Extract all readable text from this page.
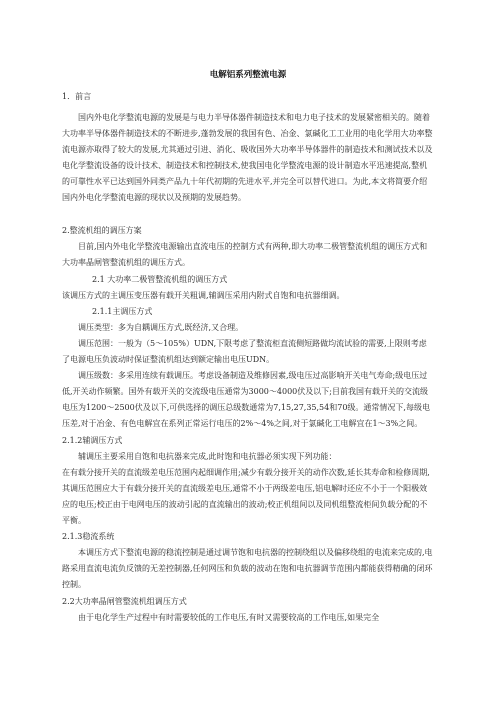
电解铝系列整流电源

1．前言

国内外电化学整流电源的发展是与电力半导体器件制造技术和电力电子技术的发展紧密相关的。随着大功率半导体器件制造技术的不断进步,蓬勃发展的我国有色、冶金、氯碱化工工业用的电化学用大功率整流电源亦取得了较大的发展,尤其通过引进、消化、吸收国外大功率半导体器件的制造技术和测试技术以及电化学整流设备的设计技术、制造技术和控制技术,使我国电化学整流电源的设计制造水平迅速提高,整机的可靠性水平已达到国外同类产品九十年代初期的先进水平,并完全可以替代进口。为此,本文将简要介绍国内外电化学整流电源的现状以及预期的发展趋势。

2.整流机组的调压方案

目前,国内外电化学整流电源输出直流电压的控制方式有两种,即大功率二极管整流机组的调压方式和大功率晶闸管整流机组的调压方式。

2.1 大功率二极管整流机组的调压方式

该调压方式的主调压变压器有载开关粗调,辅调压采用内附式自饱和电抗器细调。

2.1.1主调压方式

调压类型：多为自耦调压方式,既经济,又合理。

调压范围：一般为（5～105%）UDN,下限考虑了整流柜直流侧短路做均流试验的需要,上限则考虑了电源电压负波动时保证整流机组达到额定输出电压UDN。

调压级数：多采用连续有载调压。考虑设备制造及维修因素,级电压过高影响开关电气寿命;级电压过低,开关动作频繁。国外有载开关的交流级电压通常为3000～4000伏及以下;目前我国有载开关的交流级电压为1200～2500伏及以下,可供选择的调压总级数通常为7,15,27,35,54和70级。通常情况下,每级电压差,对于冶金、有色电解宜在系列正常运行电压的2%～4%之间,对于氯碱化工电解宜在1～3%之间。

2.1.2辅调压方式

辅调压主要采用自饱和电抗器来完成,此时饱和电抗器必须实现下列功能：

在有载分接开关的直流级差电压范围内起细调作用;减少有载分接开关的动作次数,延长其寿命和检修周期,其调压范围应大于有载分接开关的直流级差电压,通常不小于两级差电压,铝电解时还应不小于一个阳极效应的电压;校正由于电网电压的波动引起的直流输出的波动;校正机组间以及同机组整流柜间负载分配的不平衡。

2.1.3稳流系统

本调压方式下整流电源的稳流控制是通过调节饱和电抗器的控制绕组以及偏移绕组的电流来完成的,电路采用直流电流负反馈的无差控制器,任何网压和负载的波动在饱和电抗器调节范围内都能获得精确的闭环控制。

2.2大功率晶闸管整流机组调压方式

由于电化学生产过程中有时需要较低的工作电压,有时又需要较高的工作电压,如果完全
